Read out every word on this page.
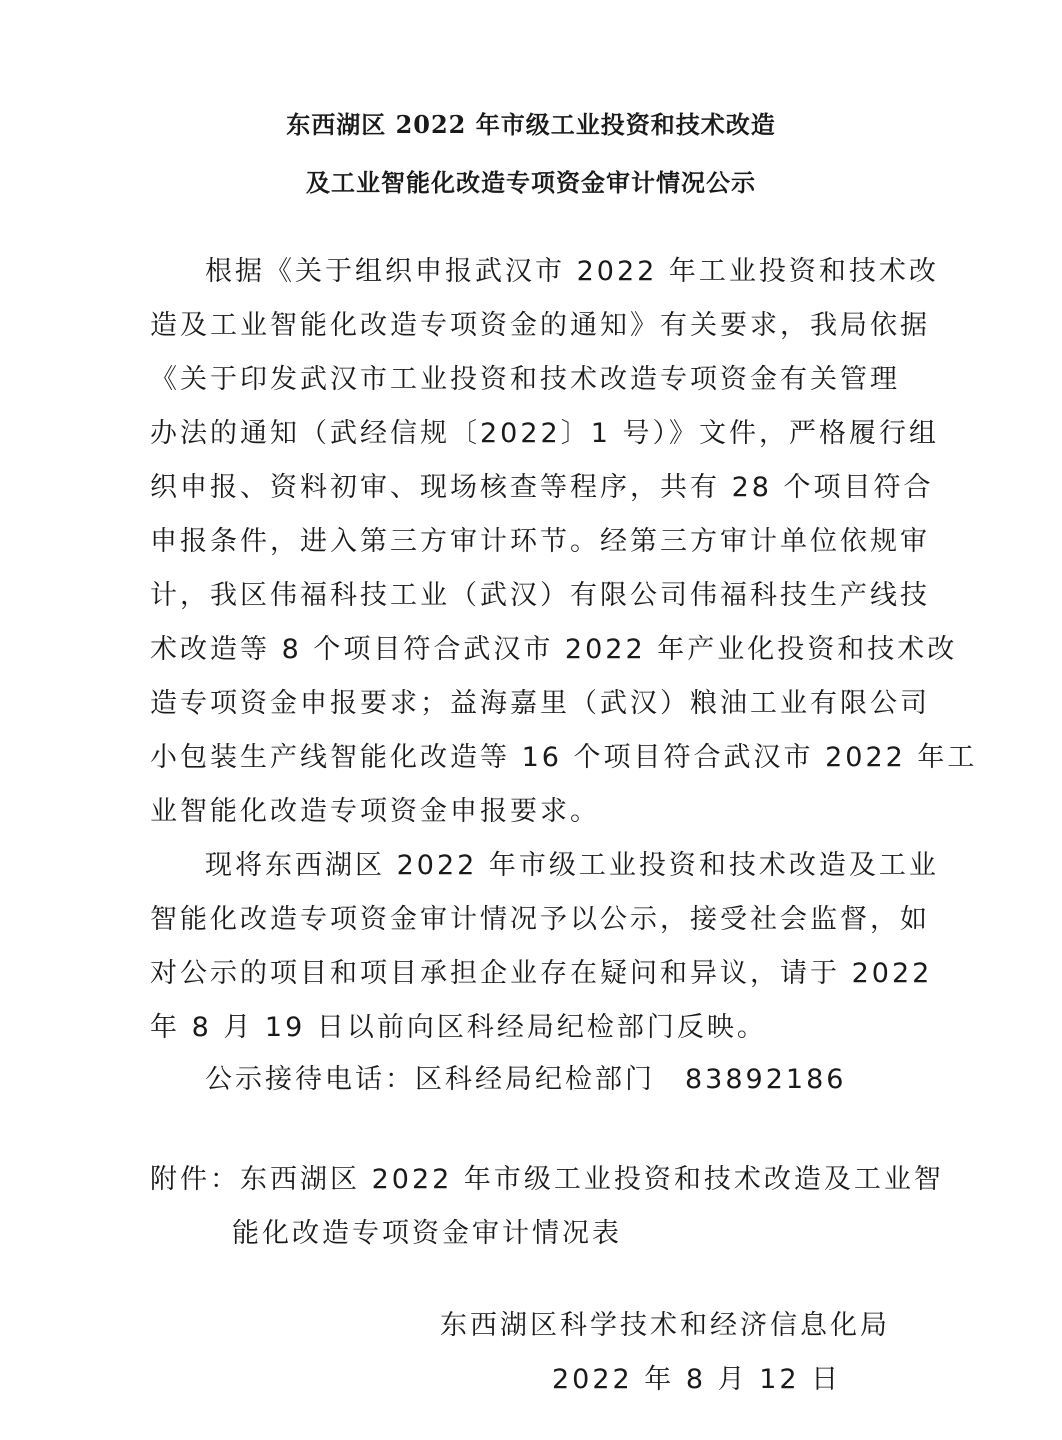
东西湖区 2022 年市级工业投资和技术改造
及工业智能化改造专项资金审计情况公示

根据《关于组织申报武汉市 2022 年工业投资和技术改

造及工业智能化改造专项资金的通知》有关要求，我局依据

《关于印发武汉市工业投资和技术改造专项资金有关管理

办法的通知（武经信规〔2022〕1 号）》文件，严格履行组

织申报、资料初审、现场核查等程序，共有 28 个项目符合

申报条件，进入第三方审计环节。经第三方审计单位依规审

计，我区伟福科技工业（武汉）有限公司伟福科技生产线技

术改造等 8 个项目符合武汉市 2022 年产业化投资和技术改

造专项资金申报要求；益海嘉里（武汉）粮油工业有限公司

小包装生产线智能化改造等 16 个项目符合武汉市 2022 年工

业智能化改造专项资金申报要求。

现将东西湖区 2022 年市级工业投资和技术改造及工业

智能化改造专项资金审计情况予以公示，接受社会监督，如

对公示的项目和项目承担企业存在疑问和异议，请于 2022

年 8 月 19 日以前向区科经局纪检部门反映。

公示接待电话：区科经局纪检部门　83892186

附件：东西湖区 2022 年市级工业投资和技术改造及工业智

能化改造专项资金审计情况表

东西湖区科学技术和经济信息化局

2022 年 8 月 12 日
